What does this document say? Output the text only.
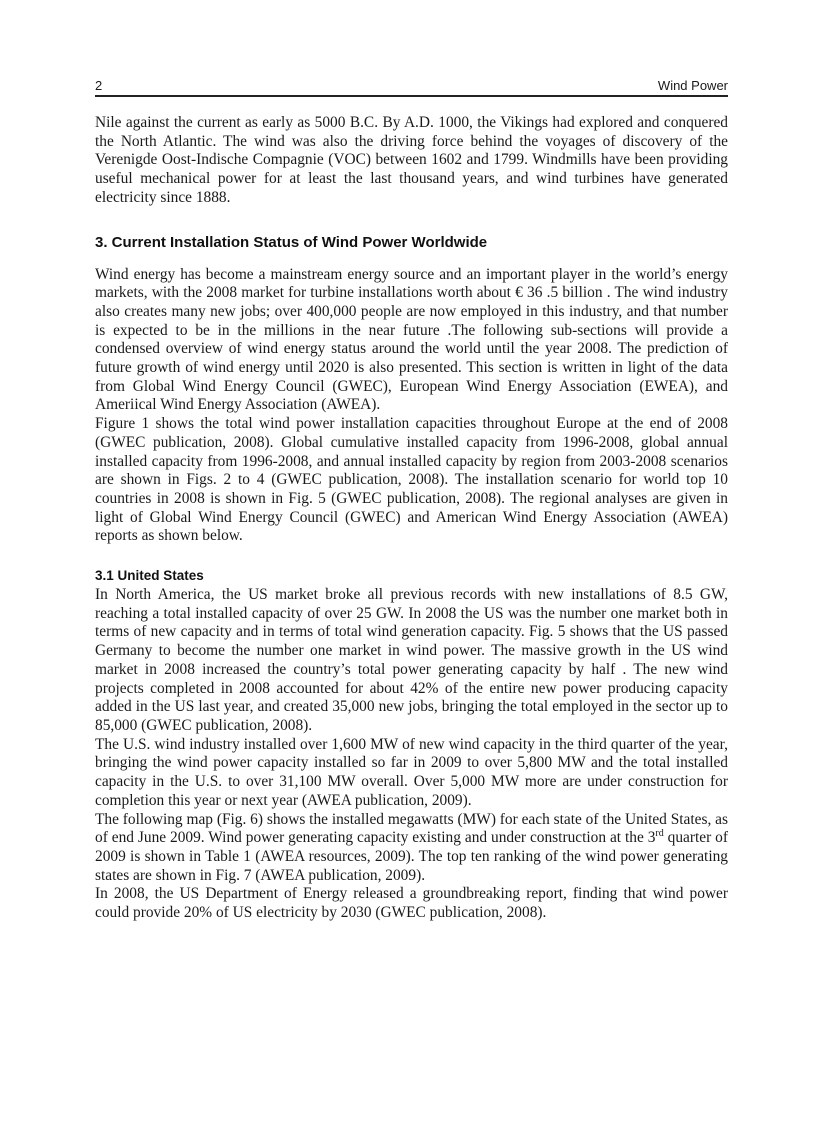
2	Wind Power

Nile against the current as early as 5000 B.C. By A.D. 1000, the Vikings had explored and conquered the North Atlantic. The wind was also the driving force behind the voyages of discovery of the Verenigde Oost-Indische Compagnie (VOC) between 1602 and 1799. Windmills have been providing useful mechanical power for at least the last thousand years, and wind turbines have generated electricity since 1888.

3. Current Installation Status of Wind Power Worldwide

Wind energy has become a mainstream energy source and an important player in the world’s energy markets, with the 2008 market for turbine installations worth about € 36 .5 billion . The wind industry also creates many new jobs; over 400,000 people are now employed in this industry, and that number is expected to be in the millions in the near future .The following sub-sections will provide a condensed overview of wind energy status around the world until the year 2008. The prediction of future growth of wind energy until 2020 is also presented. This section is written in light of the data from Global Wind Energy Council (GWEC), European Wind Energy Association (EWEA), and Ameriical Wind Energy Association (AWEA).

Figure 1 shows the total wind power installation capacities throughout Europe at the end of 2008 (GWEC publication, 2008). Global cumulative installed capacity from 1996-2008, global annual installed capacity from 1996-2008, and annual installed capacity by region from 2003-2008 scenarios are shown in Figs. 2 to 4 (GWEC publication, 2008). The installation scenario for world top 10 countries in 2008 is shown in Fig. 5 (GWEC publication, 2008). The regional analyses are given in light of Global Wind Energy Council (GWEC) and American Wind Energy Association (AWEA) reports as shown below.

3.1 United States

In North America, the US market broke all previous records with new installations of 8.5 GW, reaching a total installed capacity of over 25 GW. In 2008 the US was the number one market both in terms of new capacity and in terms of total wind generation capacity. Fig. 5 shows that the US passed Germany to become the number one market in wind power. The massive growth in the US wind market in 2008 increased the country’s total power generating capacity by half . The new wind projects completed in 2008 accounted for about 42% of the entire new power producing capacity added in the US last year, and created 35,000 new jobs, bringing the total employed in the sector up to 85,000 (GWEC publication, 2008).

The U.S. wind industry installed over 1,600 MW of new wind capacity in the third quarter of the year, bringing the wind power capacity installed so far in 2009 to over 5,800 MW and the total installed capacity in the U.S. to over 31,100 MW overall. Over 5,000 MW more are under construction for completion this year or next year (AWEA publication, 2009).

The following map (Fig. 6) shows the installed megawatts (MW) for each state of the United States, as of end June 2009. Wind power generating capacity existing and under construction at the 3rd quarter of 2009 is shown in Table 1 (AWEA resources, 2009). The top ten ranking of the wind power generating states are shown in Fig. 7 (AWEA publication, 2009).

In 2008, the US Department of Energy released a groundbreaking report, finding that wind power could provide 20% of US electricity by 2030 (GWEC publication, 2008).
